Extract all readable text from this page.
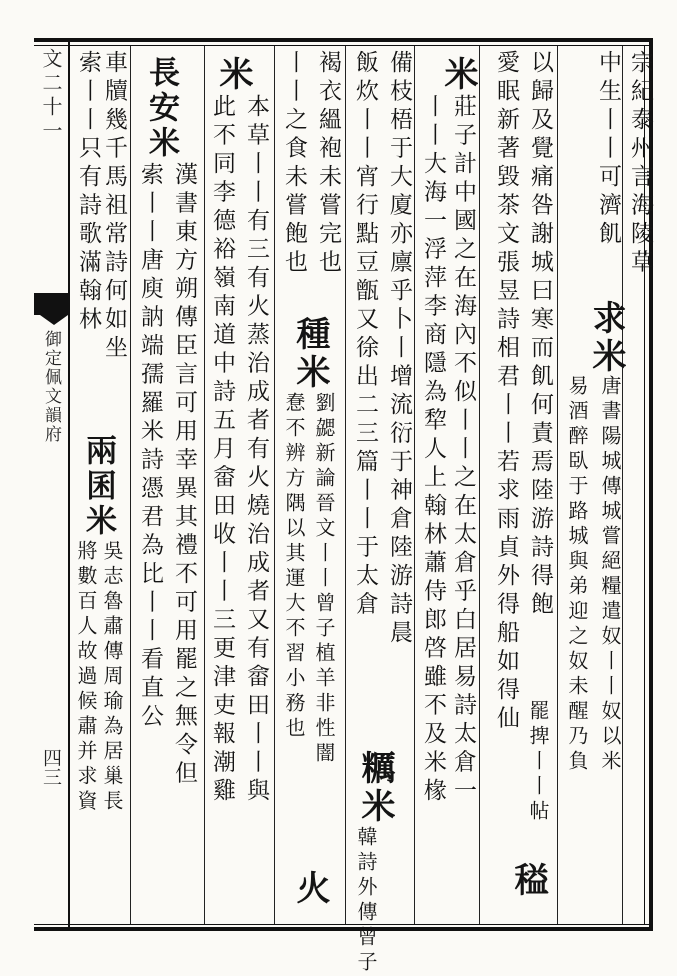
文二十一
御定佩文韻府
四三
宗紀泰州言海陵草
中生丨丨可濟飢
求米
唐書陽城傳城嘗絕糧遣奴丨丨奴以米
易酒醉臥于路城與弟迎之奴未醒乃負
以歸及覺痛咎謝城曰寒而飢何責焉陸游詩得飽
愛眠新著毀茶文張昱詩相君丨丨若求雨貞外得船如得仙
罷捭丨丨帖
䅬
米
莊子計中國之在海內不似丨丨之在太倉乎白居易詩太倉一
丨丨大海一浮萍李商隱為犂人上翰林蕭侍郎啓雖不及米椽
備枝梧于大廈亦廪乎卜丨增流衍于神倉陸游詩晨
飯炊丨丨宵行點豆甑又徐出二三篇丨丨于太倉
糲米
韓詩外傳曾子
褐衣縕袍未嘗完也
丨丨之食未嘗飽也
種米
劉勰新論晉文丨丨曾子植羊非性闇
惷不辨方隅以其運大不習小務也
火
米
本草丨丨有三有火蒸治成者有火燒治成者又有畲田丨丨與
此不同李德裕嶺南道中詩五月畲田收丨丨三更津吏報潮雞
長安米
漢書東方朔傳臣言可用幸異其禮不可用罷之無令但
索丨丨唐庾訥端孺羅米詩憑君為比丨丨看直公
車牘幾千馬祖常詩何如坐
索丨丨只有詩歌滿翰林
兩囷米
吳志魯肅傳周瑜為居巢長
將數百人故過候肅并求資
